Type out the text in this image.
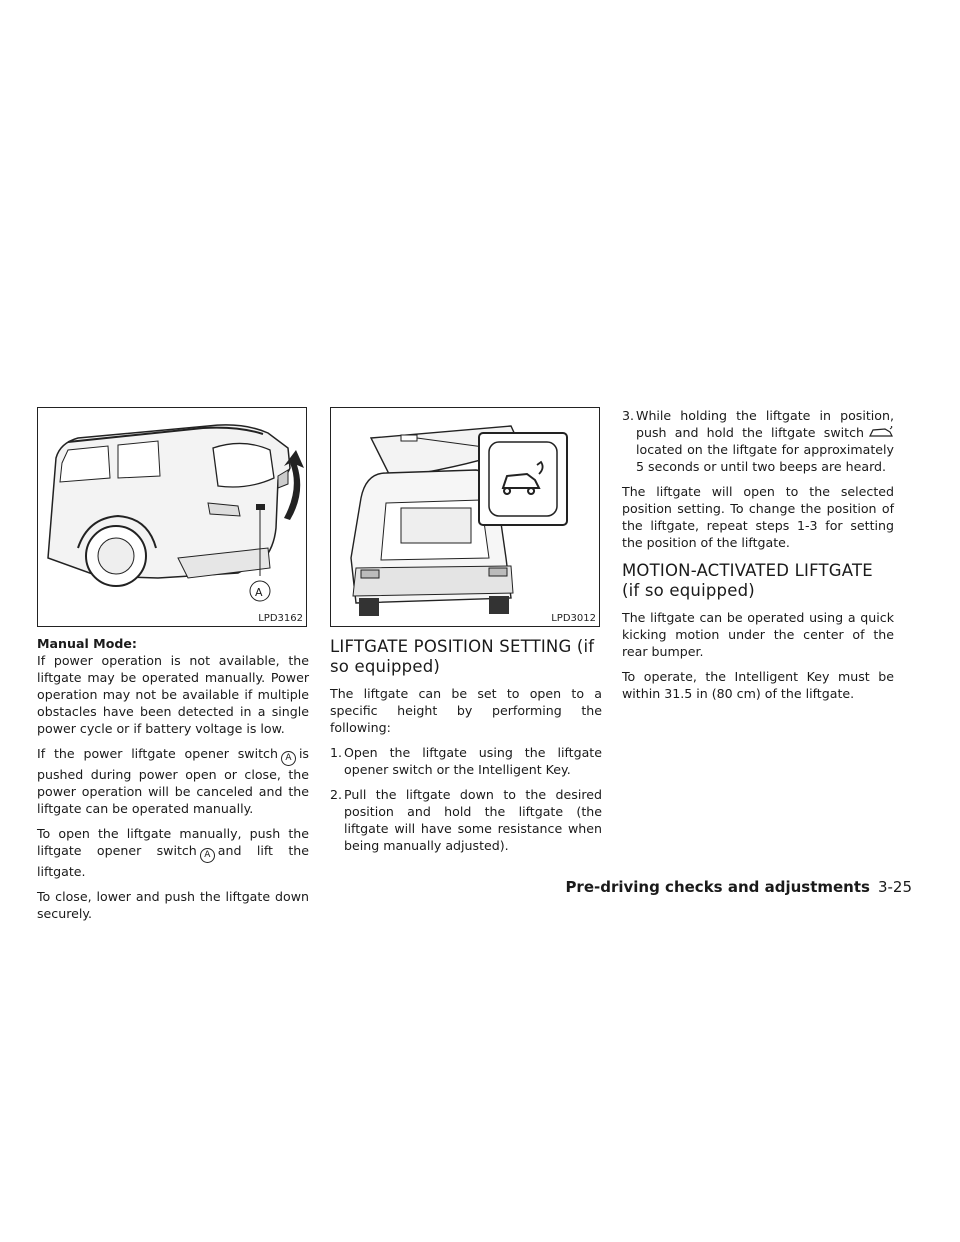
A
LPD3162

Manual Mode:

If power operation is not available, the liftgate may be operated manually. Power operation may not be available if multiple obstacles have been detected in a single power cycle or if battery voltage is low.

If the power liftgate opener switch A is pushed during power open or close, the power operation will be canceled and the liftgate can be operated manually.

To open the liftgate manually, push the liftgate opener switch A and lift the liftgate.

To close, lower and push the liftgate down securely.

LPD3012
LIFTGATE POSITION SETTING (if so equipped)

The liftgate can be set to open to a specific height by performing the following:

1. Open the liftgate using the liftgate opener switch or the Intelligent Key.
2. Pull the liftgate down to the desired position and hold the liftgate (the liftgate will have some resistance when being manually adjusted).
3. While holding the liftgate in position, push and hold the liftgate switch located on the liftgate for approximately 5 seconds or until two beeps are heard.

The liftgate will open to the selected position setting. To change the position of the liftgate, repeat steps 1-3 for setting the position of the liftgate.

MOTION-ACTIVATED LIFTGATE (if so equipped)

The liftgate can be operated using a quick kicking motion under the center of the rear bumper.

To operate, the Intelligent Key must be within 31.5 in (80 cm) of the liftgate.

Pre-driving checks and adjustments 3-25
